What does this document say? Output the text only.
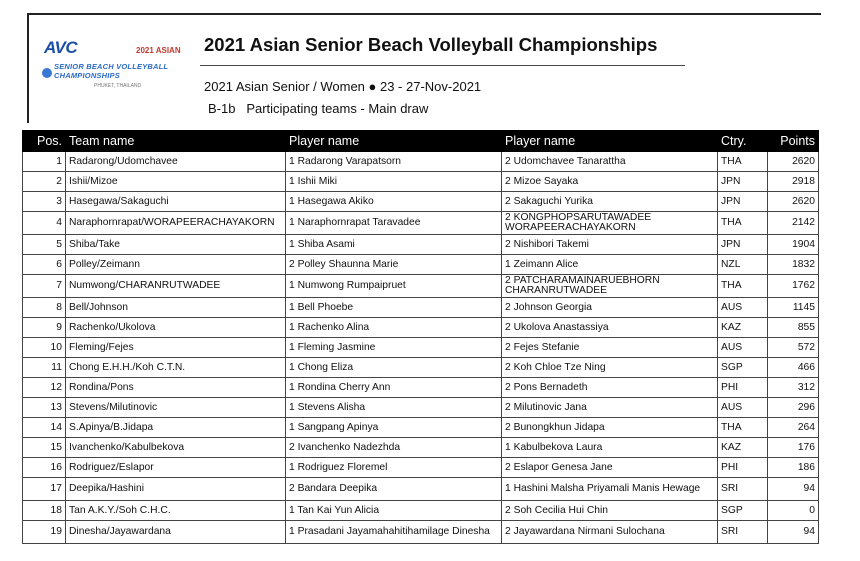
AVC	2021 ASIAN
SENIOR BEACH VOLLEYBALL
CHAMPIONSHIPS
PHUKET, THAILAND
2021 Asian Senior Beach Volleyball Championships
2021 Asian Senior / Women ● 23 - 27-Nov-2021
B-1b Participating teams - Main draw
Pos.	Team name	Player name	Player name	Ctry.	Points
1	Radarong/Udomchavee	1 Radarong Varapatsorn	2 Udomchavee Tanarattha	THA	2620
2	Ishii/Mizoe	1 Ishii Miki	2 Mizoe Sayaka	JPN	2918
3	Hasegawa/Sakaguchi	1 Hasegawa Akiko	2 Sakaguchi Yurika	JPN	2620
4	Naraphornrapat/WORAPEERACHAYAKORN	1 Naraphornrapat Taravadee	2 KONGPHOPSARUTAWADEE WORAPEERACHAYAKORN	THA	2142
5	Shiba/Take	1 Shiba Asami	2 Nishibori Takemi	JPN	1904
6	Polley/Zeimann	2 Polley Shaunna Marie	1 Zeimann Alice	NZL	1832
7	Numwong/CHARANRUTWADEE	1 Numwong Rumpaipruet	2 PATCHARAMAINARUEBHORN CHARANRUTWADEE	THA	1762
8	Bell/Johnson	1 Bell Phoebe	2 Johnson Georgia	AUS	1145
9	Rachenko/Ukolova	1 Rachenko Alina	2 Ukolova Anastassiya	KAZ	855
10	Fleming/Fejes	1 Fleming Jasmine	2 Fejes Stefanie	AUS	572
11	Chong E.H.H./Koh C.T.N.	1 Chong Eliza	2 Koh Chloe Tze Ning	SGP	466
12	Rondina/Pons	1 Rondina Cherry Ann	2 Pons Bernadeth	PHI	312
13	Stevens/Milutinovic	1 Stevens Alisha	2 Milutinovic Jana	AUS	296
14	S.Apinya/B.Jidapa	1 Sangpang Apinya	2 Bunongkhun Jidapa	THA	264
15	Ivanchenko/Kabulbekova	2 Ivanchenko Nadezhda	1 Kabulbekova Laura	KAZ	176
16	Rodriguez/Eslapor	1 Rodriguez Floremel	2 Eslapor Genesa Jane	PHI	186
17	Deepika/Hashini	2 Bandara Deepika	1 Hashini Malsha Priyamali Manis Hewage	SRI	94
18	Tan A.K.Y./Soh C.H.C.	1 Tan Kai Yun Alicia	2 Soh Cecilia Hui Chin	SGP	0
19	Dinesha/Jayawardana	1 Prasadani Jayamahahitihamilage Dinesha	2 Jayawardana Nirmani Sulochana	SRI	94
